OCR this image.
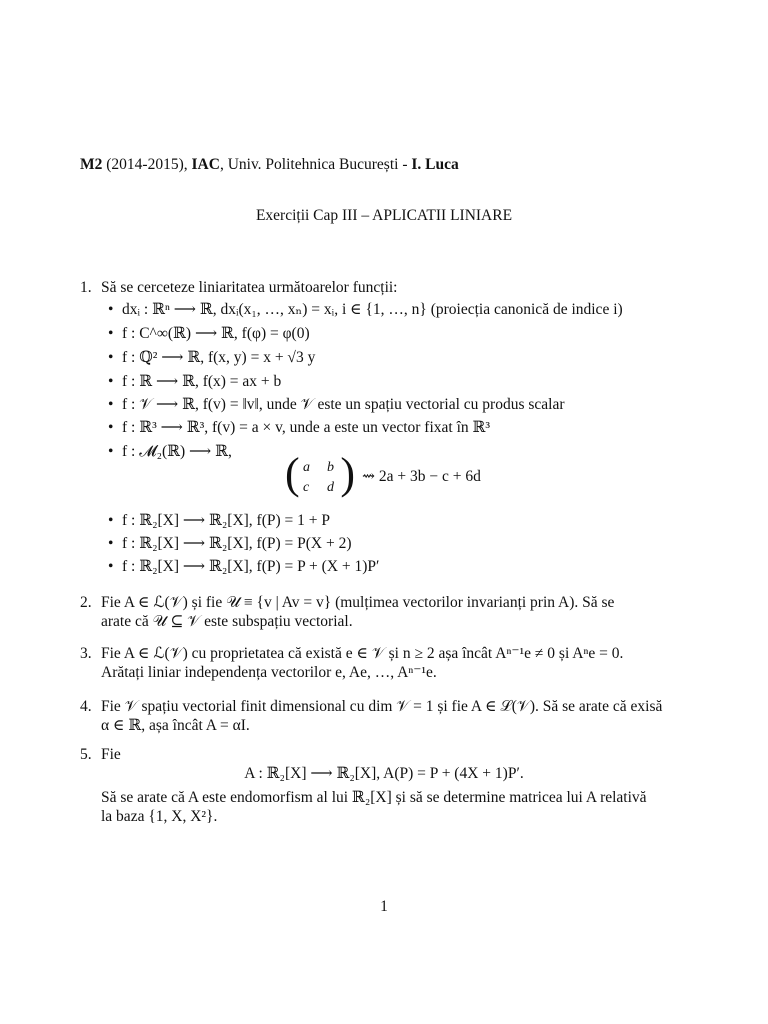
M2 (2014-2015), IAC, Univ. Politehnica București - I. Luca
Exerciții Cap III – APLICATII LINIARE
1. Să se cerceteze liniaritatea următoarelor funcții:
• dxᵢ : ℝⁿ ⟶ ℝ, dxᵢ(x₁, …, xₙ) = xᵢ, i ∈ {1, …, n} (proiecția canonică de indice i)
• f : C^∞(ℝ) ⟶ ℝ, f(φ) = φ(0)
• f : ℚ² ⟶ ℝ, f(x, y) = x + √3 y
• f : ℝ ⟶ ℝ, f(x) = ax + b
• f : 𝒱 ⟶ ℝ, f(v) = ‖v‖, unde 𝒱 este un spațiu vectorial cu produs scalar
• f : ℝ³ ⟶ ℝ³, f(v) = a × v, unde a este un vector fixat în ℝ³
• f : 𝓜₂(ℝ) ⟶ ℝ, ( a b
c d ) ⇝ 2a + 3b − c + 6d
• f : ℝ₂[X] ⟶ ℝ₂[X], f(P) = 1 + P
• f : ℝ₂[X] ⟶ ℝ₂[X], f(P) = P(X + 2)
• f : ℝ₂[X] ⟶ ℝ₂[X], f(P) = P + (X + 1)P′
2. Fie A ∈ ℒ(𝒱) și fie 𝒰 ≡ {v | Av = v} (mulțimea vectorilor invarianți prin A). Să se
arate că 𝒰 ⊆ 𝒱 este subspațiu vectorial.
3. Fie A ∈ ℒ(𝒱) cu proprietatea că există e ∈ 𝒱 și n ≥ 2 așa încât Aⁿ⁻¹e ≠ 0 și Aⁿe = 0.
Arătați liniar independența vectorilor e, Ae, …, Aⁿ⁻¹e.
4. Fie 𝒱 spațiu vectorial finit dimensional cu dim 𝒱 = 1 și fie A ∈ ℒ(𝒱). Să se arate că exisă
α ∈ ℝ, așa încât A = αI.
5. Fie
A : ℝ₂[X] ⟶ ℝ₂[X], A(P) = P + (4X + 1)P′.
Să se arate că A este endomorfism al lui ℝ₂[X] și să se determine matricea lui A relativă
la baza {1, X, X²}.
1
